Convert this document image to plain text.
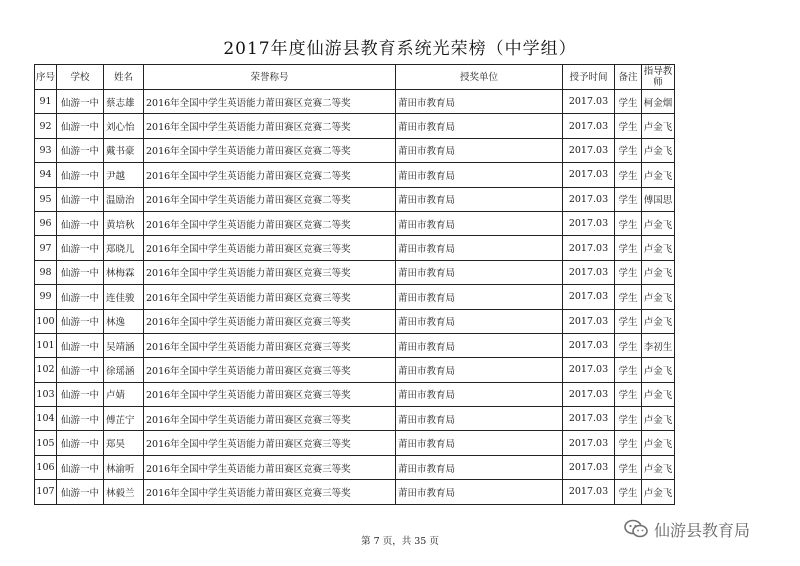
2017年度仙游县教育系统光荣榜（中学组）
序号	学校	姓名	荣誉称号	授奖单位	授予时间	备注	指导教师
91	仙游一中	蔡志雄	2016年全国中学生英语能力莆田赛区竞赛二等奖	莆田市教育局	2017.03	学生	柯金烟
92	仙游一中	刘心怡	2016年全国中学生英语能力莆田赛区竞赛二等奖	莆田市教育局	2017.03	学生	卢金飞
93	仙游一中	戴书豪	2016年全国中学生英语能力莆田赛区竞赛二等奖	莆田市教育局	2017.03	学生	卢金飞
94	仙游一中	尹越	2016年全国中学生英语能力莆田赛区竞赛二等奖	莆田市教育局	2017.03	学生	卢金飞
95	仙游一中	温励治	2016年全国中学生英语能力莆田赛区竞赛二等奖	莆田市教育局	2017.03	学生	傅国思
96	仙游一中	黄培秋	2016年全国中学生英语能力莆田赛区竞赛二等奖	莆田市教育局	2017.03	学生	卢金飞
97	仙游一中	郑晓儿	2016年全国中学生英语能力莆田赛区竞赛三等奖	莆田市教育局	2017.03	学生	卢金飞
98	仙游一中	林梅霖	2016年全国中学生英语能力莆田赛区竞赛三等奖	莆田市教育局	2017.03	学生	卢金飞
99	仙游一中	连佳骏	2016年全国中学生英语能力莆田赛区竞赛三等奖	莆田市教育局	2017.03	学生	卢金飞
100	仙游一中	林逸	2016年全国中学生英语能力莆田赛区竞赛三等奖	莆田市教育局	2017.03	学生	卢金飞
101	仙游一中	吴靖涵	2016年全国中学生英语能力莆田赛区竞赛三等奖	莆田市教育局	2017.03	学生	李初生
102	仙游一中	徐瑶涵	2016年全国中学生英语能力莆田赛区竞赛三等奖	莆田市教育局	2017.03	学生	卢金飞
103	仙游一中	卢婧	2016年全国中学生英语能力莆田赛区竞赛三等奖	莆田市教育局	2017.03	学生	卢金飞
104	仙游一中	傅芷宁	2016年全国中学生英语能力莆田赛区竞赛三等奖	莆田市教育局	2017.03	学生	卢金飞
105	仙游一中	郑昊	2016年全国中学生英语能力莆田赛区竞赛三等奖	莆田市教育局	2017.03	学生	卢金飞
106	仙游一中	林渝听	2016年全国中学生英语能力莆田赛区竞赛三等奖	莆田市教育局	2017.03	学生	卢金飞
107	仙游一中	林毅兰	2016年全国中学生英语能力莆田赛区竞赛三等奖	莆田市教育局	2017.03	学生	卢金飞
第 7 页，共 35 页
仙游县教育局
